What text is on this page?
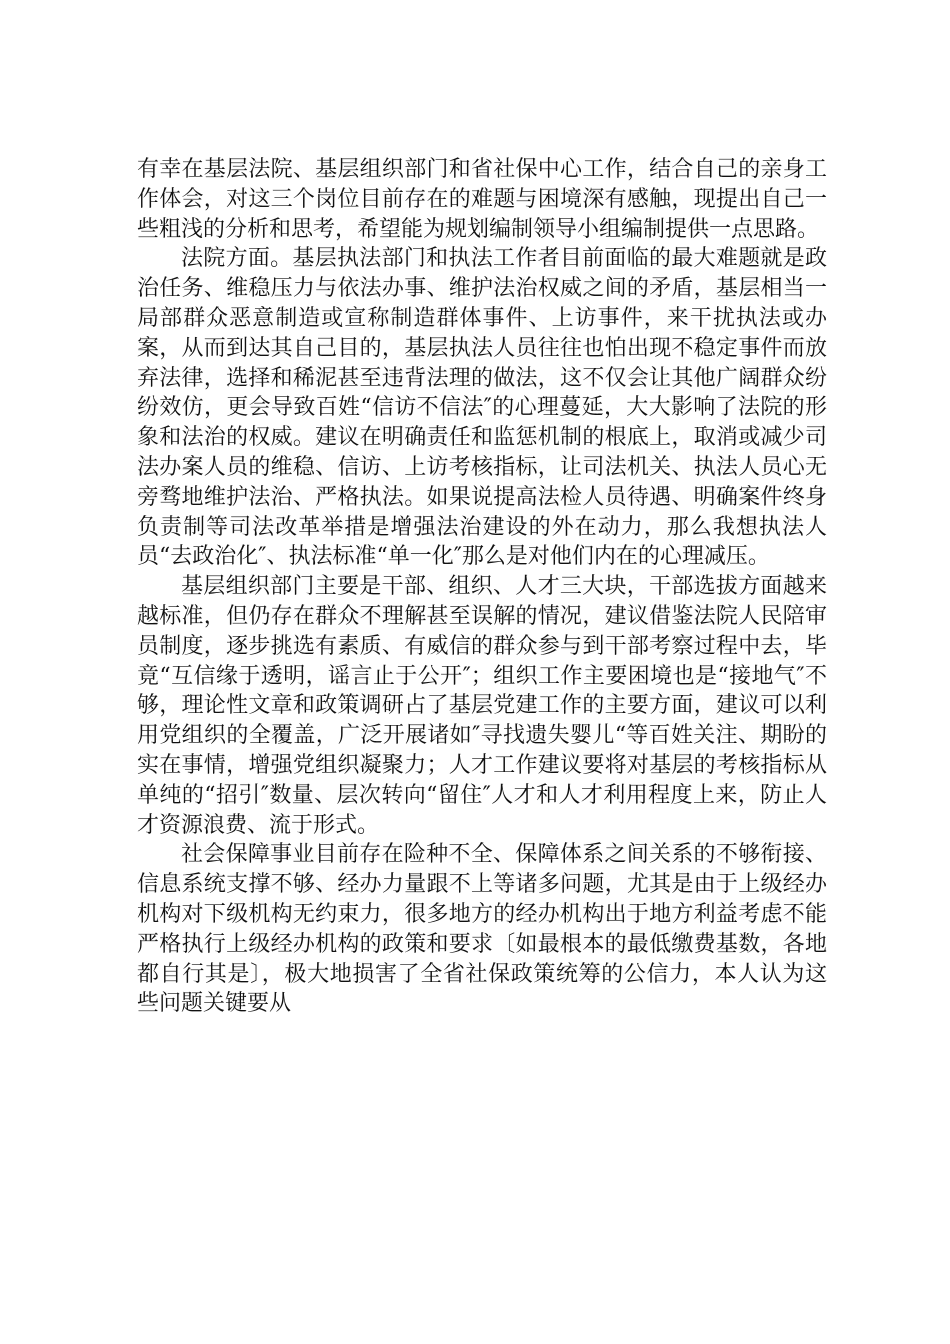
有幸在基层法院、基层组织部门和省社保中心工作，结合自己的亲身工作体会，对这三个岗位目前存在的难题与困境深有感触，现提出自己一些粗浅的分析和思考，希望能为规划编制领导小组编制提供一点思路。

法院方面。基层执法部门和执法工作者目前面临的最大难题就是政治任务、维稳压力与依法办事、维护法治权威之间的矛盾，基层相当一局部群众恶意制造或宣称制造群体事件、上访事件，来干扰执法或办案，从而到达其自己目的，基层执法人员往往也怕出现不稳定事件而放弃法律，选择和稀泥甚至违背法理的做法，这不仅会让其他广阔群众纷纷效仿，更会导致百姓“信访不信法″的心理蔓延，大大影响了法院的形象和法治的权威。建议在明确责任和监惩机制的根底上，取消或减少司法办案人员的维稳、信访、上访考核指标，让司法机关、执法人员心无旁骛地维护法治、严格执法。如果说提高法检人员待遇、明确案件终身负责制等司法改革举措是增强法治建设的外在动力，那么我想执法人员“去政治化″、执法标准“单一化″那么是对他们内在的心理减压。

基层组织部门主要是干部、组织、人才三大块，干部选拔方面越来越标准，但仍存在群众不理解甚至误解的情况，建议借鉴法院人民陪审员制度，逐步挑选有素质、有威信的群众参与到干部考察过程中去，毕竟“互信缘于透明，谣言止于公开″；组织工作主要困境也是“接地气″不够，理论性文章和政策调研占了基层党建工作的主要方面，建议可以利用党组织的全覆盖，广泛开展诸如″寻找遗失婴儿“等百姓关注、期盼的实在事情，增强党组织凝聚力；人才工作建议要将对基层的考核指标从单纯的“招引″数量、层次转向“留住″人才和人才利用程度上来，防止人才资源浪费、流于形式。

社会保障事业目前存在险种不全、保障体系之间关系的不够衔接、信息系统支撑不够、经办力量跟不上等诸多问题，尤其是由于上级经办机构对下级机构无约束力，很多地方的经办机构出于地方利益考虑不能严格执行上级经办机构的政策和要求〔如最根本的最低缴费基数，各地都自行其是〕，极大地损害了全省社保政策统筹的公信力，本人认为这些问题关键要从
